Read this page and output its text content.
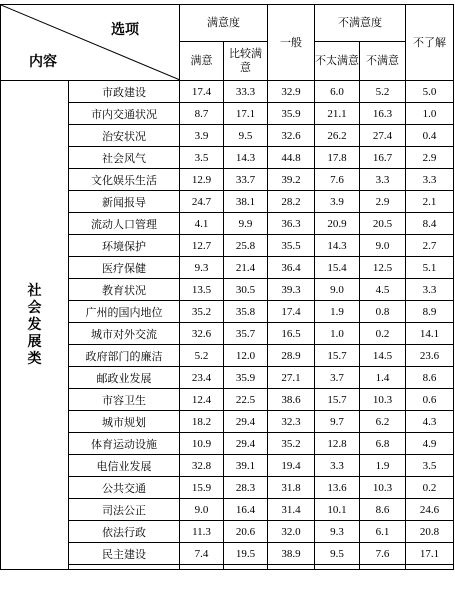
选项
内容		满意度		一般	不满意度		不了解
		满意	比较满意		不太满意	不满意	

社
会
发
展
类	市政建设	17.4	33.3	32.9	6.0	5.2	5.0
	市内交通状况	8.7	17.1	35.9	21.1	16.3	1.0
	治安状况	3.9	9.5	32.6	26.2	27.4	0.4
	社会风气	3.5	14.3	44.8	17.8	16.7	2.9
	文化娱乐生活	12.9	33.7	39.2	7.6	3.3	3.3
	新闻报导	24.7	38.1	28.2	3.9	2.9	2.1
	流动人口管理	4.1	9.9	36.3	20.9	20.5	8.4
	环境保护	12.7	25.8	35.5	14.3	9.0	2.7
	医疗保健	9.3	21.4	36.4	15.4	12.5	5.1
	教育状况	13.5	30.5	39.3	9.0	4.5	3.3
	广州的国内地位	35.2	35.8	17.4	1.9	0.8	8.9
	城市对外交流	32.6	35.7	16.5	1.0	0.2	14.1
	政府部门的廉洁	5.2	12.0	28.9	15.7	14.5	23.6
	邮政业发展	23.4	35.9	27.1	3.7	1.4	8.6
	市容卫生	12.4	22.5	38.6	15.7	10.3	0.6
	城市规划	18.2	29.4	32.3	9.7	6.2	4.3
	体育运动设施	10.9	29.4	35.2	12.8	6.8	4.9
	电信业发展	32.8	39.1	19.4	3.3	1.9	3.5
	公共交通	15.9	28.3	31.8	13.6	10.3	0.2
	司法公正	9.0	16.4	31.4	10.1	8.6	24.6
	依法行政	11.3	20.6	32.0	9.3	6.1	20.8
	民主建设	7.4	19.5	38.9	9.5	7.6	17.1
